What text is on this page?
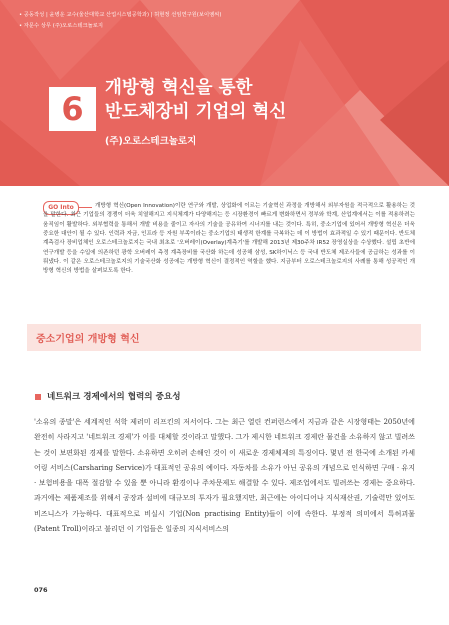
• 공동작성 | 윤병운 교수(울산대학교 산업시스템공학과) | 허현정 선임연구원(보이엠씨)
• 자문수 상무 (주)오로스테크놀로지
6
개방형 혁신을 통한
반도체장비 기업의 혁신
(주)오로스테크놀로지
GO Into	개방형 혁신(Open Innovation)이란 연구와 개발, 상업화에 이르는 기술혁신 과정을 개방해서 외부자원을 적극적으로 활용하는 것을 말한다. 최근 기업들의 경쟁이 더욱 치열해지고 지식체계가 다양해지는 등 시장환경이 빠르게 변화하면서 정부와 학계, 산업계에서는 이를 적용하려는 움직임이 활발하다. 외부협력을 통해서 개발 비용을 줄이고 자사의 기술을 공유하여 시너지를 내는 것이다. 특히, 중소기업에 있어서 개방형 혁신은 더욱 중요한 대안이 될 수 있다. 인력과 자금, 인프라 등 자원 부족이라는 중소기업의 태생적 한계를 극복하는 데 이 방법이 효과적일 수 있기 때문이다. 반도체 계측검사 장비업체인 오로스테크놀로지는 국내 최초로 '오버레이(Overlay)계측기'를 개발해 2013년 제30주차 IR52 장영실상을 수상했다. 설립 초반에 연구개발 등을 수입에 의존하던 광학 오버레이 측정 계측장비를 국산화 하는데 성공해 삼성, SK하이닉스 등 국내 반도체 제조사들에 공급하는 성과를 이뤄냈다. 이 같은 오로스테크놀로지의 기술국산화 성공에는 개방형 혁신이 결정적인 역할을 했다. 지금부터 오로스테크놀로지의 사례를 통해 성공적인 개방형 혁신의 방법을 살펴보도록 한다.
중소기업의 개방형 혁신
네트워크 경제에서의 협력의 중요성
'소유의 종말'은 세계적인 석학 제러미 리프킨의 저서이다. 그는 최근 열린 컨퍼런스에서 지금과 같은 시장형태는 2050년에 완전히 사라지고 '네트워크 경제'가 이를 대체할 것이라고 말했다. 그가 제시한 네트워크 경제란 물건을 소유하지 않고 빌려쓰는 것이 보편화된 경제를 말한다. 소유하면 오히려 손해인 것이 이 새로운 경제체제의 특징이다. 몇년 전 한국에 소개된 카셰어링 서비스(Carsharing Service)가 대표적인 공유의 예이다. 자동차를 소유가 아닌 공유의 개념으로 인식하면 구매 · 유지 · 보험비용을 대폭 절감할 수 있을 뿐 아니라 환경이나 주차문제도 해결할 수 있다. 제조업에서도 빌려쓰는 경제는 중요하다. 과거에는 제품제조를 위해서 공장과 설비에 대규모의 투자가 필요했지만, 최근에는 아이디어나 지식재산권, 기술력만 있어도 비즈니스가 가능하다. 대표적으로 비실시 기업(Non practising Entity)들이 이에 속한다. 부정적 의미에서 특허괴물(Patent Troll)이라고 불리던 이 기업들은 일종의 지식서비스의
076
